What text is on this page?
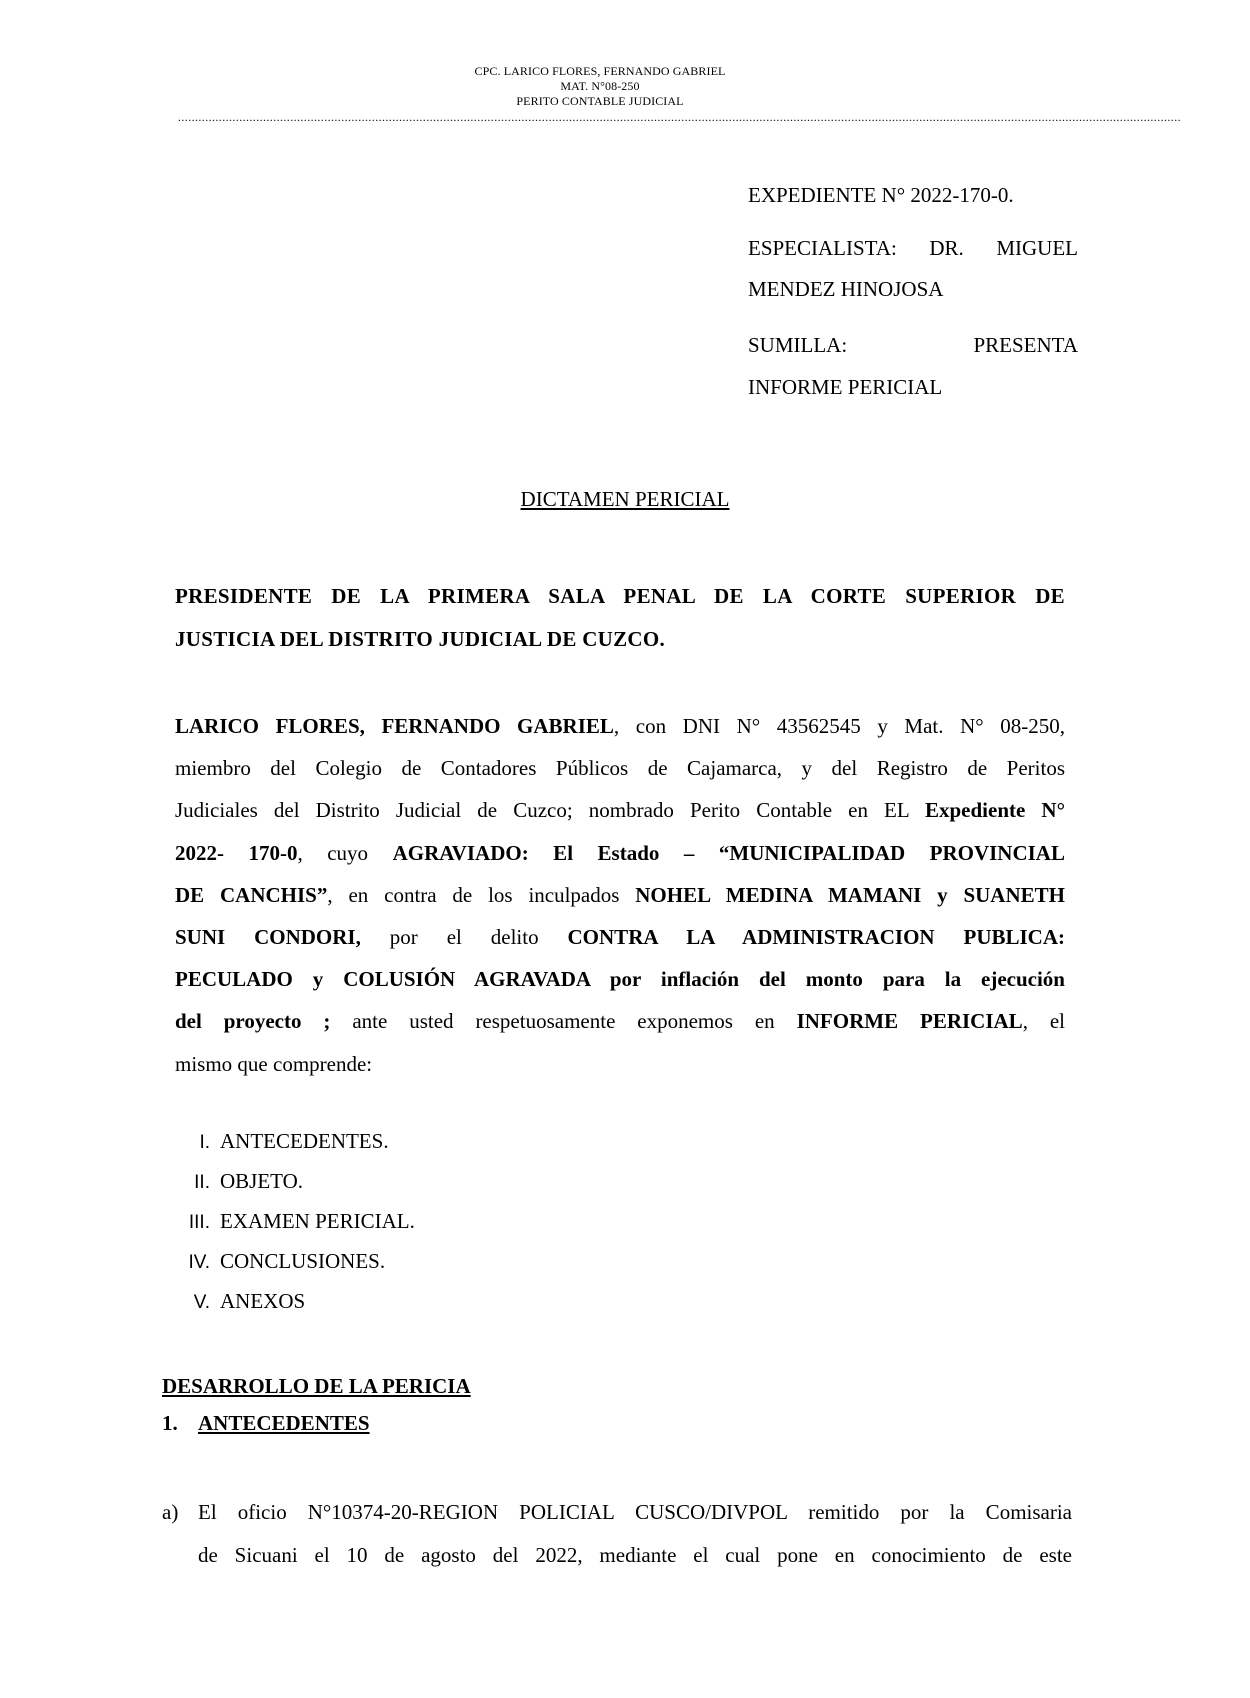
CPC. LARICO FLORES, FERNANDO GABRIEL
MAT. N°08-250
PERITO CONTABLE JUDICIAL
.......................................................................................................................................................................................................................................................................................................
EXPEDIENTE N° 2022-170-0.
ESPECIALISTA: DR. MIGUEL
MENDEZ HINOJOSA
SUMILLA: PRESENTA
INFORME PERICIAL
DICTAMEN PERICIAL
PRESIDENTE DE LA PRIMERA SALA PENAL DE LA CORTE SUPERIOR DE
JUSTICIA DEL DISTRITO JUDICIAL DE CUZCO.
LARICO FLORES, FERNANDO GABRIEL, con DNI N° 43562545 y Mat. N° 08-250,
miembro del Colegio de Contadores Públicos de Cajamarca, y del Registro de Peritos
Judiciales del Distrito Judicial de Cuzco; nombrado Perito Contable en EL Expediente N°
2022- 170-0, cuyo AGRAVIADO: El Estado – “MUNICIPALIDAD PROVINCIAL
DE CANCHIS”, en contra de los inculpados NOHEL MEDINA MAMANI y SUANETH
SUNI CONDORI, por el delito CONTRA LA ADMINISTRACION PUBLICA:
PECULADO y COLUSIÓN AGRAVADA por inflación del monto para la ejecución
del proyecto ; ante usted respetuosamente exponemos en INFORME PERICIAL, el
mismo que comprende:
I. ANTECEDENTES.
II. OBJETO.
III. EXAMEN PERICIAL.
IV. CONCLUSIONES.
V. ANEXOS
DESARROLLO DE LA PERICIA
1. ANTECEDENTES
a) El oficio N°10374-20-REGION POLICIAL CUSCO/DIVPOL remitido por la Comisaria
de Sicuani el 10 de agosto del 2022, mediante el cual pone en conocimiento de este
